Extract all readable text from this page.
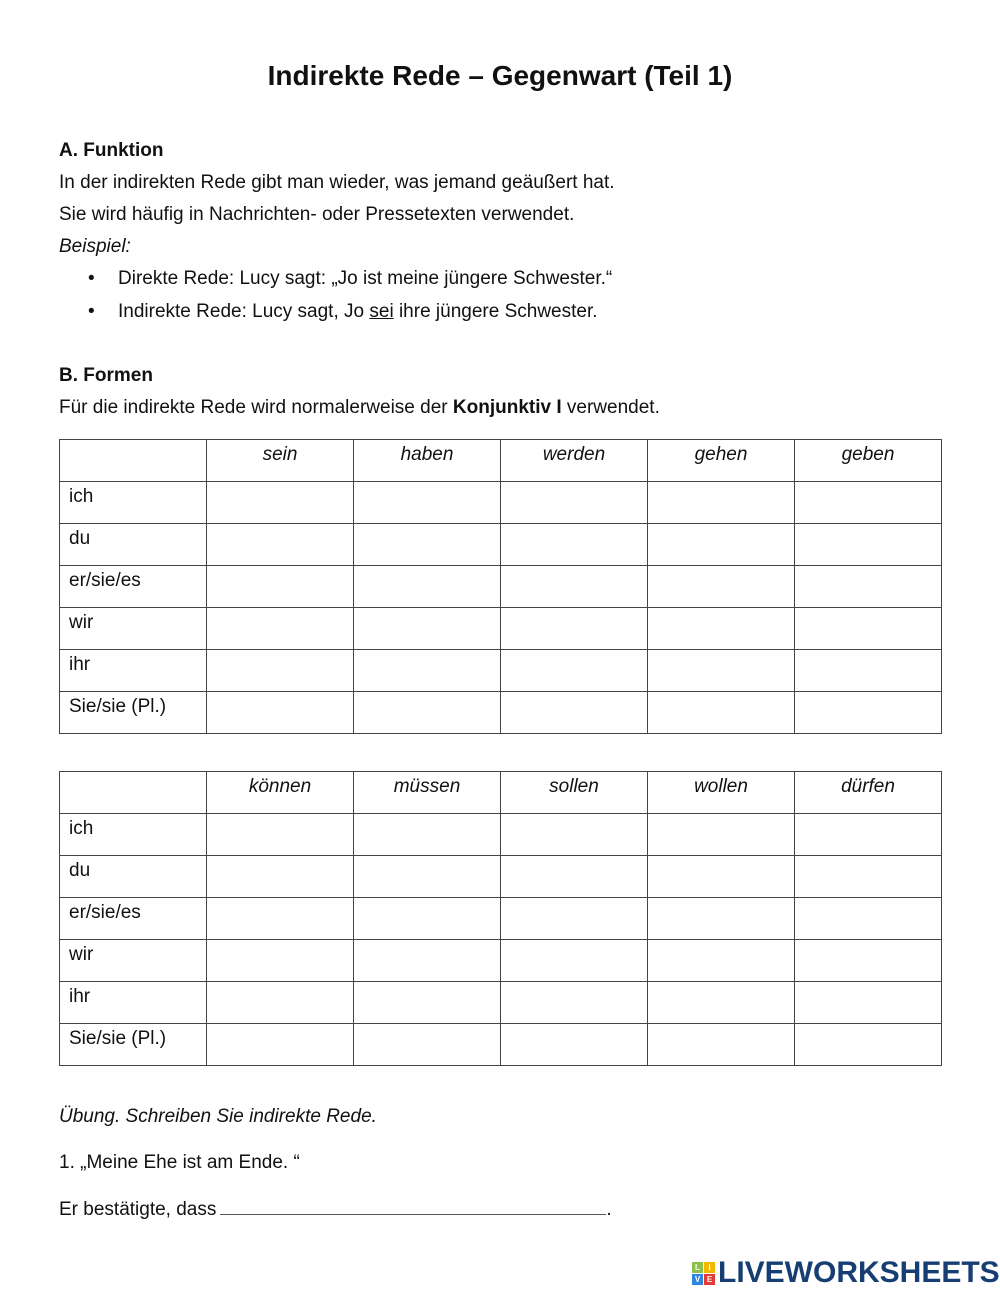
Indirekte Rede – Gegenwart (Teil 1)
A. Funktion
In der indirekten Rede gibt man wieder, was jemand geäußert hat.
Sie wird häufig in Nachrichten- oder Pressetexten verwendet.
Beispiel:
• Direkte Rede: Lucy sagt: „Jo ist meine jüngere Schwester.“
• Indirekte Rede: Lucy sagt, Jo sei ihre jüngere Schwester.
B. Formen
Für die indirekte Rede wird normalerweise der Konjunktiv I verwendet.
	sein	haben	werden	gehen	geben
ich					
du					
er/sie/es					
wir					
ihr					
Sie/sie (Pl.)					
	können	müssen	sollen	wollen	dürfen
ich					
du					
er/sie/es					
wir					
ihr					
Sie/sie (Pl.)					
Übung. Schreiben Sie indirekte Rede.
1. „Meine Ehe ist am Ende. “
Er bestätigte, dass	.
L	I
V E LIVEWORKSHEETS
